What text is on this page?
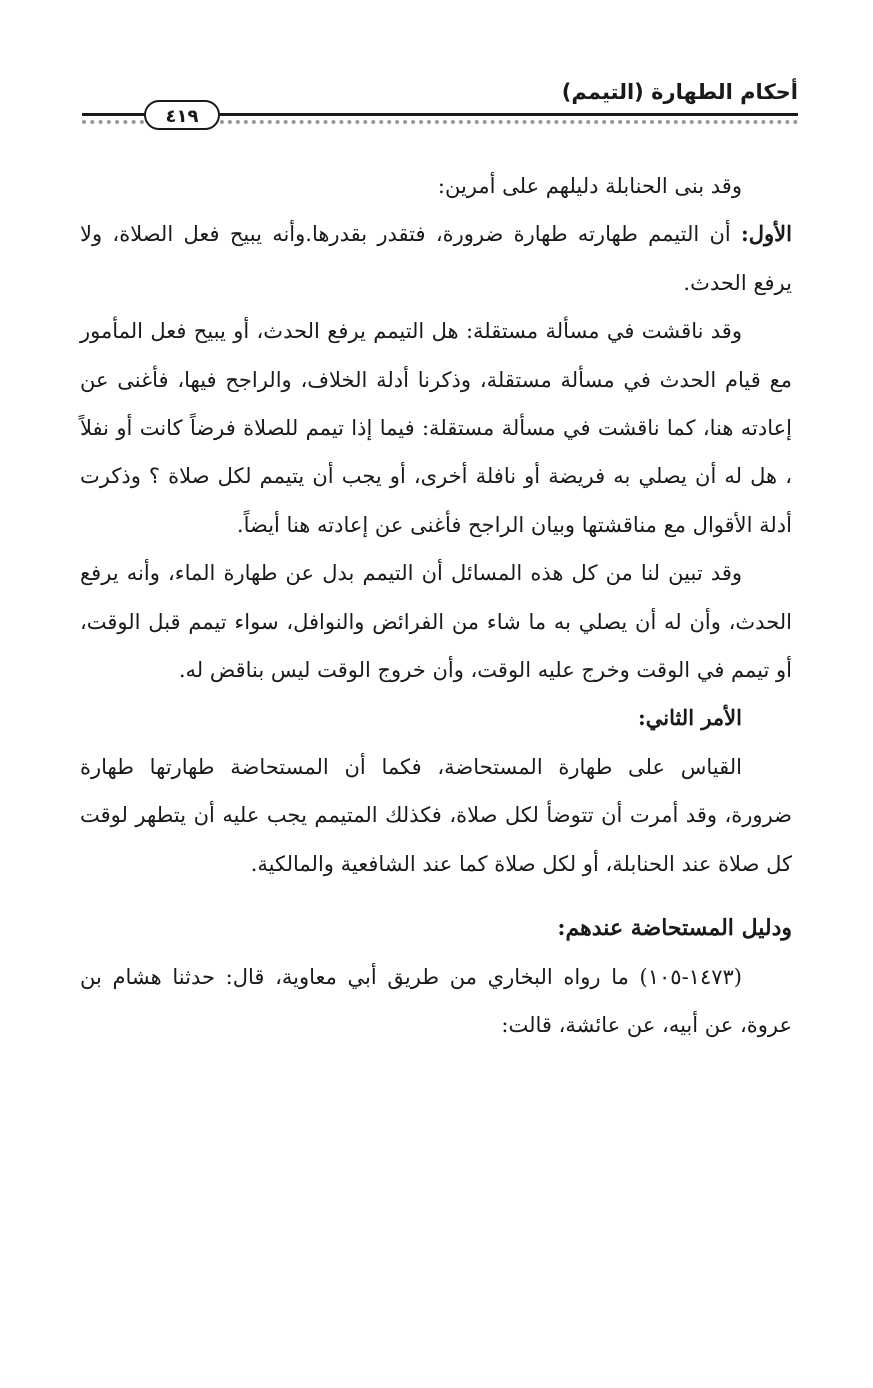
أحكام الطهارة (التيمم)
٤١٩

وقد بنى الحنابلة دليلهم على أمرين:

الأول: أن التيمم طهارته طهارة ضرورة، فتقدر بقدرها.وأنه يبيح فعل الصلاة، ولا يرفع الحدث.

وقد ناقشت في مسألة مستقلة: هل التيمم يرفع الحدث، أو يبيح فعل المأمور مع قيام الحدث في مسألة مستقلة، وذكرنا أدلة الخلاف، والراجح فيها، فأغنى عن إعادته هنا، كما ناقشت في مسألة مستقلة: فيما إذا تيمم للصلاة فرضاً كانت أو نفلاً ، هل له أن يصلي به فريضة أو نافلة أخرى، أو يجب أن يتيمم لكل صلاة ؟ وذكرت أدلة الأقوال مع مناقشتها وبيان الراجح فأغنى عن إعادته هنا أيضاً.

وقد تبين لنا من كل هذه المسائل أن التيمم بدل عن طهارة الماء، وأنه يرفع الحدث، وأن له أن يصلي به ما شاء من الفرائض والنوافل، سواء تيمم قبل الوقت، أو تيمم في الوقت وخرج عليه الوقت، وأن خروج الوقت ليس بناقض له.

الأمر الثاني:

القياس على طهارة المستحاضة، فكما أن المستحاضة طهارتها طهارة ضرورة، وقد أمرت أن تتوضأ لكل صلاة، فكذلك المتيمم يجب عليه أن يتطهر لوقت كل صلاة عند الحنابلة، أو لكل صلاة كما عند الشافعية والمالكية.

ودليل المستحاضة عندهم:

(١٤٧٣-١٠٥) ما رواه البخاري من طريق أبي معاوية، قال: حدثنا هشام بن عروة، عن أبيه، عن عائشة، قالت:
